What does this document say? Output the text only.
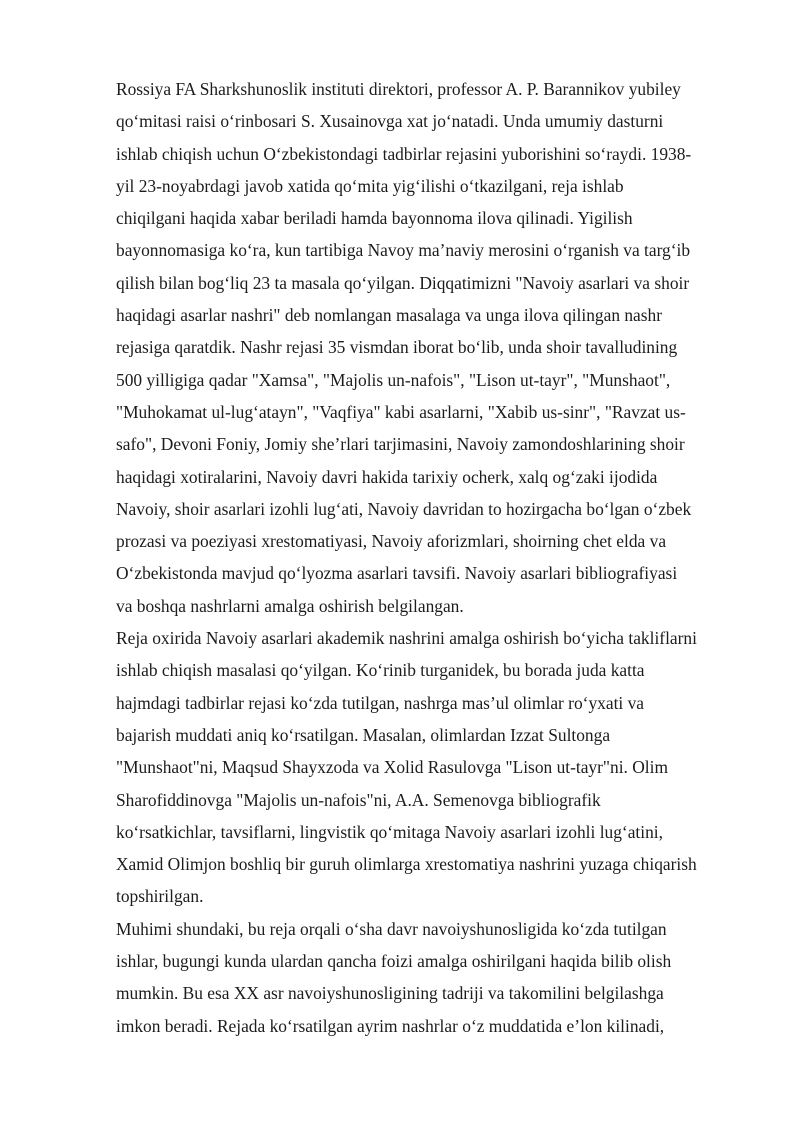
Rossiya FA Sharkshunoslik instituti direktori, professor A. P. Barannikov yubiley
qo‘mitasi raisi o‘rinbosari S. Xusainovga xat jo‘natadi. Unda umumiy dasturni
ishlab chiqish uchun O‘zbekistondagi tadbirlar rejasini yuborishini so‘raydi. 1938-
yil 23-noyabrdagi javob xatida qo‘mita yig‘ilishi o‘tkazilgani, reja ishlab
chiqilgani haqida xabar beriladi hamda bayonnoma ilova qilinadi. Yigilish
bayonnomasiga ko‘ra, kun tartibiga Navoy ma’naviy merosini o‘rganish va targ‘ib
qilish bilan bog‘liq 23 ta masala qo‘yilgan. Diqqatimizni "Navoiy asarlari va shoir
haqidagi asarlar nashri" deb nomlangan masalaga va unga ilova qilingan nashr
rejasiga qaratdik. Nashr rejasi 35 vismdan iborat bo‘lib, unda shoir tavalludining
500 yilligiga qadar "Xamsa", "Majolis un-nafois", "Lison ut-tayr", "Munshaot",
"Muhokamat ul-lug‘atayn", "Vaqfiya" kabi asarlarni, "Xabib us-sinr", "Ravzat us-
safo", Devoni Foniy, Jomiy she’rlari tarjimasini, Navoiy zamondoshlarining shoir
haqidagi xotiralarini, Navoiy davri hakida tarixiy ocherk, xalq og‘zaki ijodida
Navoiy, shoir asarlari izohli lug‘ati, Navoiy davridan to hozirgacha bo‘lgan o‘zbek
prozasi va poeziyasi xrestomatiyasi, Navoiy aforizmlari, shoirning chet elda va
O‘zbekistonda mavjud qo‘lyozma asarlari tavsifi. Navoiy asarlari bibliografiyasi
va boshqa nashrlarni amalga oshirish belgilangan.
Reja oxirida Navoiy asarlari akademik nashrini amalga oshirish bo‘yicha takliflarni
ishlab chiqish masalasi qo‘yilgan. Ko‘rinib turganidek, bu borada juda katta
hajmdagi tadbirlar rejasi ko‘zda tutilgan, nashrga mas’ul olimlar ro‘yxati va
bajarish muddati aniq ko‘rsatilgan. Masalan, olimlardan Izzat Sultonga
"Munshaot"ni, Maqsud Shayxzoda va Xolid Rasulovga "Lison ut-tayr"ni. Olim
Sharofiddinovga "Majolis un-nafois"ni, A.A. Semenovga bibliografik
ko‘rsatkichlar, tavsiflarni, lingvistik qo‘mitaga Navoiy asarlari izohli lug‘atini,
Xamid Olimjon boshliq bir guruh olimlarga xrestomatiya nashrini yuzaga chiqarish
topshirilgan.
Muhimi shundaki, bu reja orqali o‘sha davr navoiyshunosligida ko‘zda tutilgan
ishlar, bugungi kunda ulardan qancha foizi amalga oshirilgani haqida bilib olish
mumkin. Bu esa XX asr navoiyshunosligining tadriji va takomilini belgilashga
imkon beradi. Rejada ko‘rsatilgan ayrim nashrlar o‘z muddatida e’lon kilinadi,
